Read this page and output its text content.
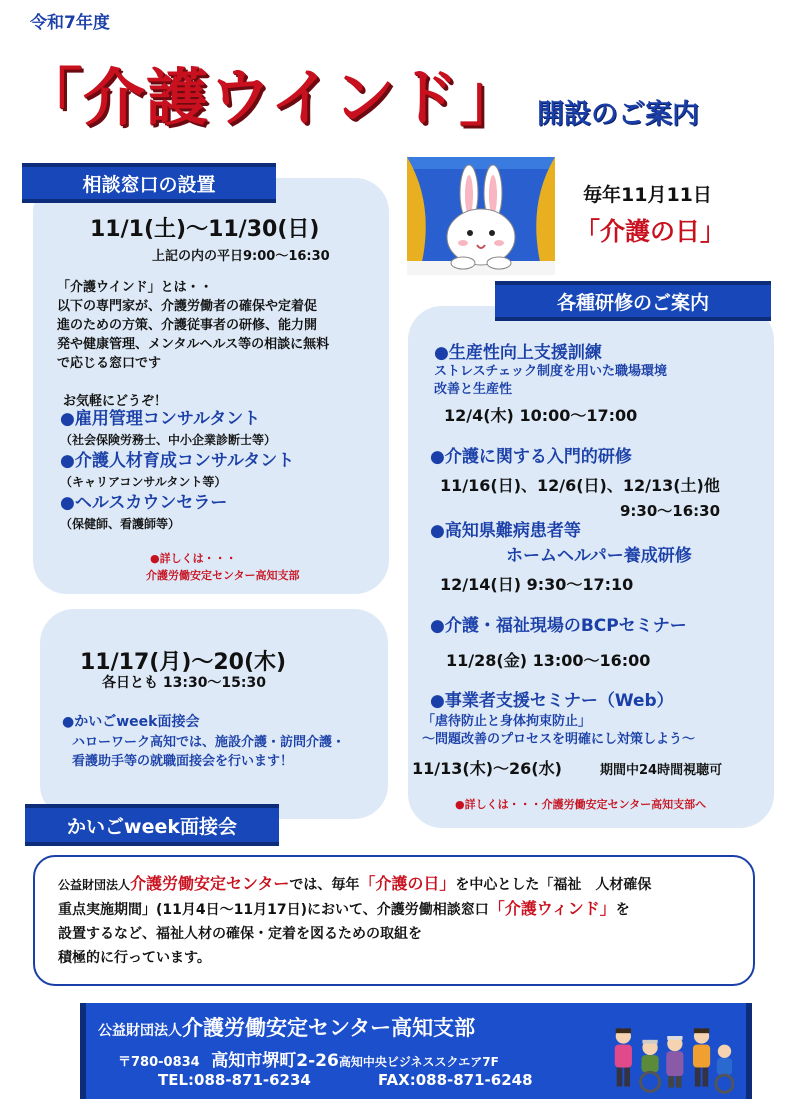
令和7年度
「介護ウインド」 開設のご案内
相談窓口の設置
11/1(土)～11/30(日)
上記の内の平日9:00～16:30
「介護ウインド」とは・・
以下の専門家が、介護労働者の確保や定着促
進のための方策、介護従事者の研修、能力開
発や健康管理、メンタルヘルス等の相談に無料
で応じる窓口です
お気軽にどうぞ！
●雇用管理コンサルタント
（社会保険労務士、中小企業診断士等）
●介護人材育成コンサルタント
（キャリアコンサルタント等）
●ヘルスカウンセラー
（保健師、看護師等）
●詳しくは・・・
介護労働安定センター高知支部
毎年11月11日
「介護の日」
各種研修のご案内
●生産性向上支援訓練
ストレスチェック制度を用いた職場環境
改善と生産性
12/4(木) 10:00～17:00
●介護に関する入門的研修
11/16(日)、12/6(日)、12/13(土)他
9:30～16:30
●高知県難病患者等
ホームヘルパー養成研修
12/14(日) 9:30～17:10
●介護・福祉現場のBCPセミナー
11/28(金) 13:00～16:00
●事業者支援セミナー（Web）
「虐待防止と身体拘束防止」
～問題改善のプロセスを明確にし対策しよう～
11/13(木)～26(水)	期間中24時間視聴可
●詳しくは・・・介護労働安定センター高知支部へ
11/17(月)～20(木)
各日とも 13:30～15:30
●かいごweek面接会
ハローワーク高知では、施設介護・訪問介護・
看護助手等の就職面接会を行います！
かいごweek面接会
公益財団法人介護労働安定センターでは、毎年「介護の日」を中心とした「福祉　人材確保
重点実施期間」(11月4日～11月17日)において、介護労働相談窓口「介護ウィンド」を
設置するなど、福祉人材の確保・定着を図るための取組を
積極的に行っています。
公益財団法人介護労働安定センター高知支部
〒780-0834 高知市堺町2-26高知中央ビジネススクエア7F
TEL:088-871-6234	FAX:088-871-6248
